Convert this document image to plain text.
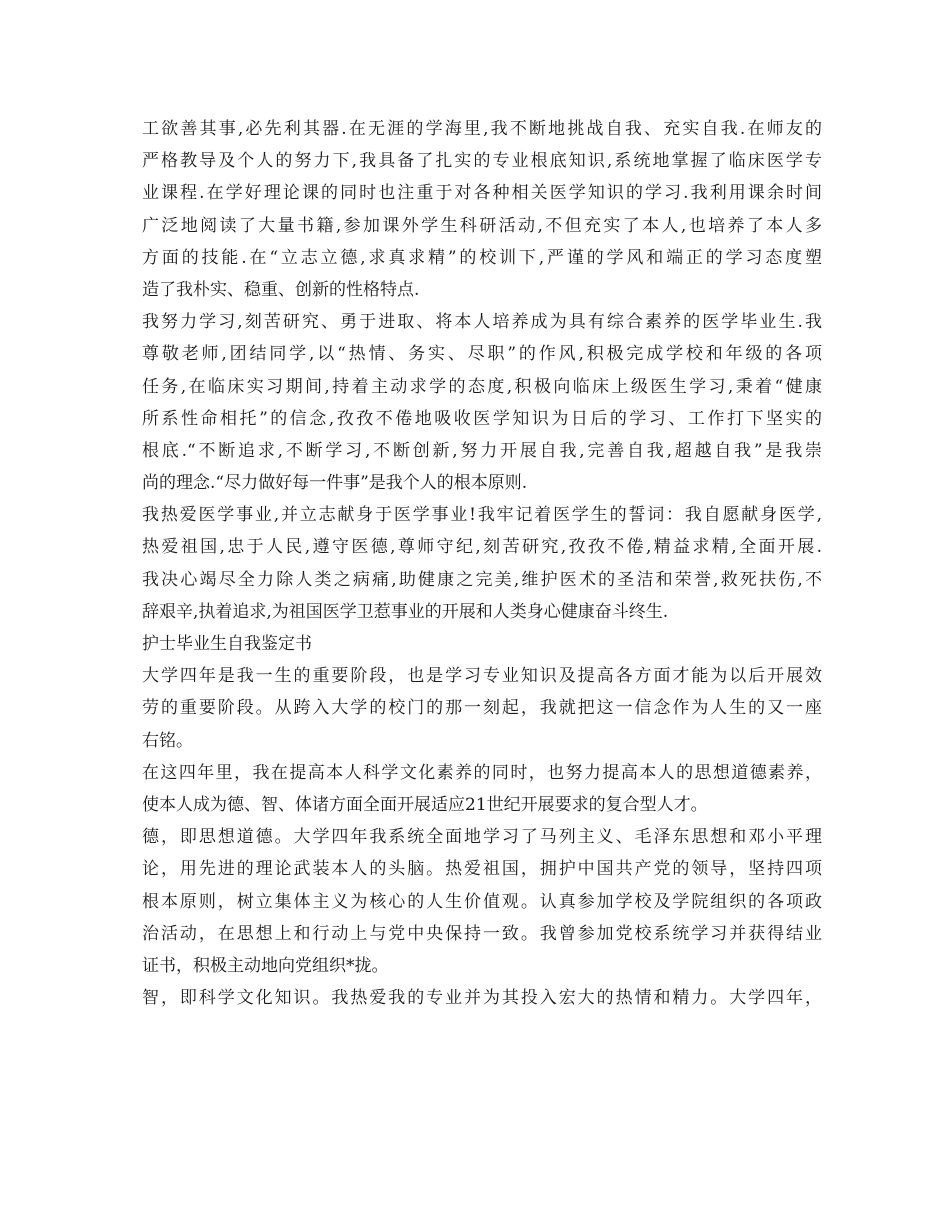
工欲善其事,必先利其器.在无涯的学海里,我不断地挑战自我、充实自我.在师友的
严格教导及个人的努力下,我具备了扎实的专业根底知识,系统地掌握了临床医学专
业课程.在学好理论课的同时也注重于对各种相关医学知识的学习.我利用课余时间
广泛地阅读了大量书籍,参加课外学生科研活动,不但充实了本人,也培养了本人多
方面的技能.在“立志立德,求真求精”的校训下,严谨的学风和端正的学习态度塑
造了我朴实、稳重、创新的性格特点.
我努力学习,刻苦研究、勇于进取、将本人培养成为具有综合素养的医学毕业生.我
尊敬老师,团结同学,以“热情、务实、尽职”的作风,积极完成学校和年级的各项
任务,在临床实习期间,持着主动求学的态度,积极向临床上级医生学习,秉着“健康
所系性命相托”的信念,孜孜不倦地吸收医学知识为日后的学习、工作打下坚实的
根底.“不断追求,不断学习,不断创新,努力开展自我,完善自我,超越自我”是我崇
尚的理念.“尽力做好每一件事”是我个人的根本原则.
我热爱医学事业,并立志献身于医学事业!我牢记着医学生的誓词：我自愿献身医学,
热爱祖国,忠于人民,遵守医德,尊师守纪,刻苦研究,孜孜不倦,精益求精,全面开展.
我决心竭尽全力除人类之病痛,助健康之完美,维护医术的圣洁和荣誉,救死扶伤,不
辞艰辛,执着追求,为祖国医学卫惹事业的开展和人类身心健康奋斗终生.
护士毕业生自我鉴定书
大学四年是我一生的重要阶段，也是学习专业知识及提高各方面才能为以后开展效
劳的重要阶段。从跨入大学的校门的那一刻起，我就把这一信念作为人生的又一座
右铭。
在这四年里，我在提高本人科学文化素养的同时，也努力提高本人的思想道德素养，
使本人成为德、智、体诸方面全面开展适应21世纪开展要求的复合型人才。
德，即思想道德。大学四年我系统全面地学习了马列主义、毛泽东思想和邓小平理
论，用先进的理论武装本人的头脑。热爱祖国，拥护中国共产党的领导，坚持四项
根本原则，树立集体主义为核心的人生价值观。认真参加学校及学院组织的各项政
治活动，在思想上和行动上与党中央保持一致。我曾参加党校系统学习并获得结业
证书，积极主动地向党组织*拢。
智，即科学文化知识。我热爱我的专业并为其投入宏大的热情和精力。大学四年，
